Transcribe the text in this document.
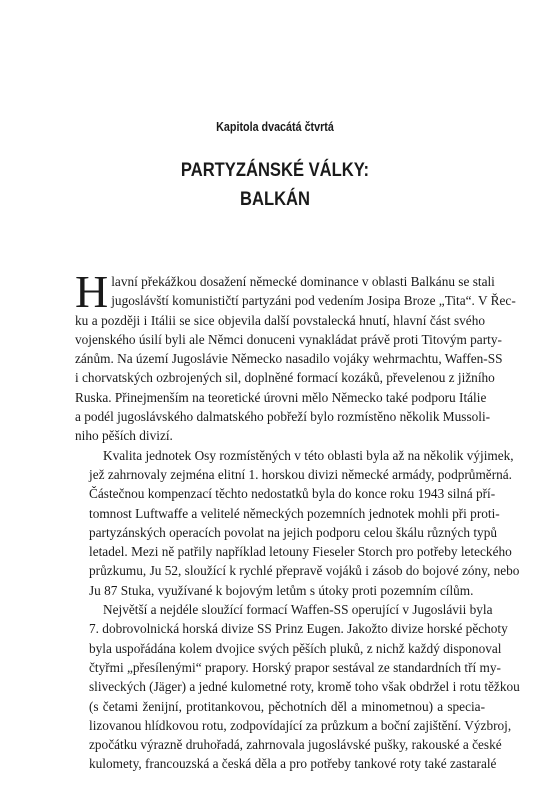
Kapitola dvacátá čtvrtá
PARTYZÁNSKÉ VÁLKY:
BALKÁN
H lavní překážkou dosažení německé dominance v oblasti Balkánu se stali
jugoslávští komunističtí partyzáni pod vedením Josipa Broze „Tita“. V Řec-
ku a později i Itálii se sice objevila další povstalecká hnutí, hlavní část svého
vojenského úsilí byli ale Němci donuceni vynakládat právě proti Titovým party-
zánům. Na území Jugoslávie Německo nasadilo vojáky wehrmachtu, Waffen-SS
i chorvatských ozbrojených sil, doplněné formací kozáků, převelenou z jižního
Ruska. Přinejmenším na teoretické úrovni mělo Německo také podporu Itálie
a podél jugoslávského dalmatského pobřeží bylo rozmístěno několik Mussoli-
niho pěších divizí.
Kvalita jednotek Osy rozmístěných v této oblasti byla až na několik výjimek,
jež zahrnovaly zejména elitní 1. horskou divizi německé armády, podprůměrná.
Částečnou kompenzací těchto nedostatků byla do konce roku 1943 silná pří-
tomnost Luftwaffe a velitelé německých pozemních jednotek mohli při proti-
partyzánských operacích povolat na jejich podporu celou škálu různých typů
letadel. Mezi ně patřily například letouny Fieseler Storch pro potřeby leteckého
průzkumu, Ju 52, sloužící k rychlé přepravě vojáků i zásob do bojové zóny, nebo
Ju 87 Stuka, využívané k bojovým letům s útoky proti pozemním cílům.
Největší a nejdéle sloužící formací Waffen-SS operující v Jugoslávii byla
7. dobrovolnická horská divize SS Prinz Eugen. Jakožto divize horské pěchoty
byla uspořádána kolem dvojice svých pěších pluků, z nichž každý disponoval
čtyřmi „přesílenými“ prapory. Horský prapor sestával ze standardních tří my-
sliveckých (Jäger) a jedné kulometné roty, kromě toho však obdržel i rotu těžkou
(s četami ženijní, protitankovou, pěchotních děl a minometnou) a specia-
lizovanou hlídkovou rotu, zodpovídající za průzkum a boční zajištění. Výzbroj,
zpočátku výrazně druhořadá, zahrnovala jugoslávské pušky, rakouské a české
kulomety, francouzská a česká děla a pro potřeby tankové roty také zastaralé
